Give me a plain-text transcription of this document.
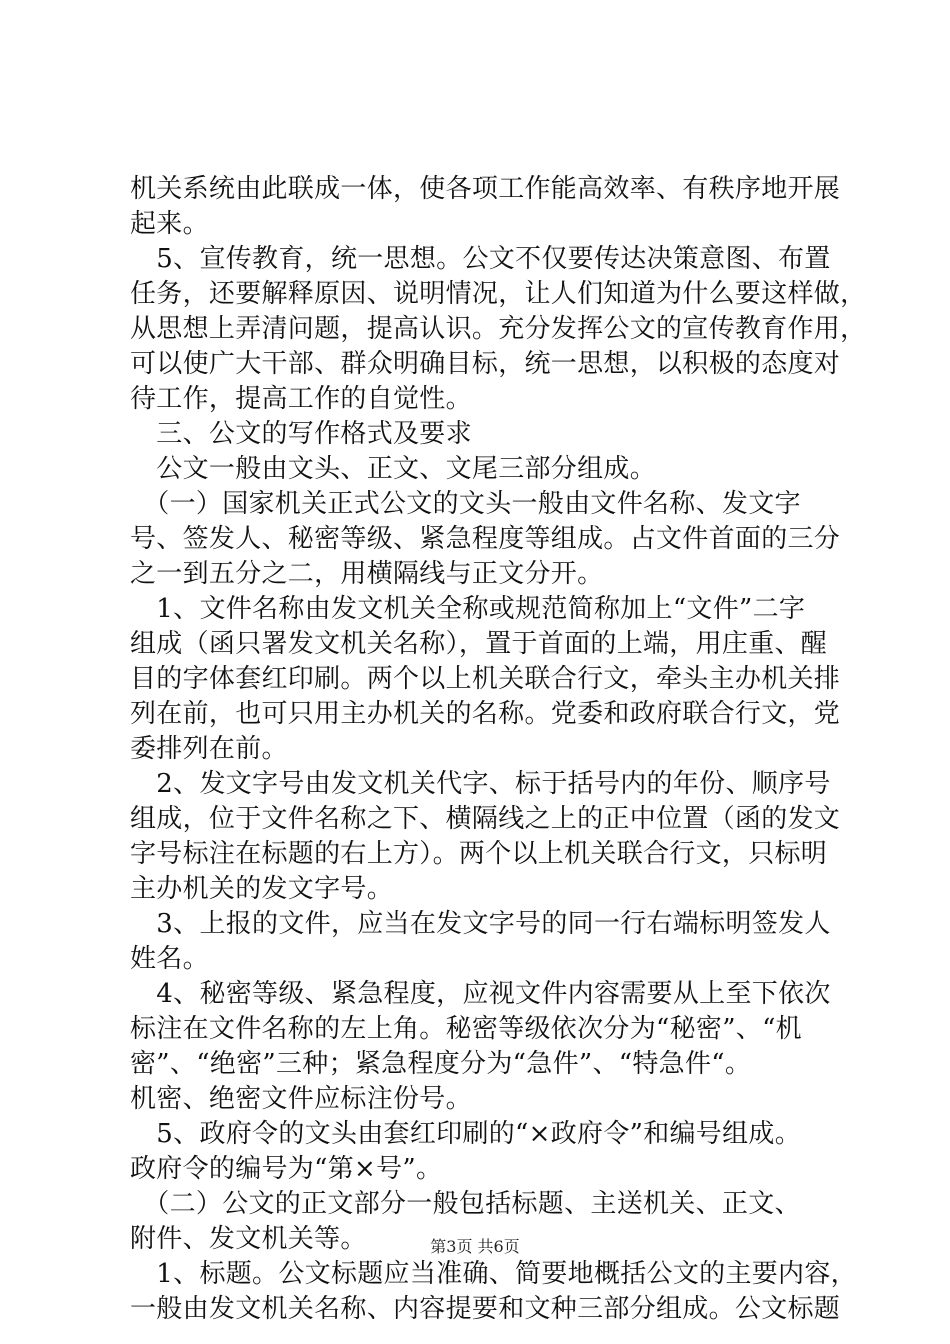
机关系统由此联成一体，使各项工作能高效率、有秩序地开展
起来。
　5、宣传教育，统一思想。公文不仅要传达决策意图、布置
任务，还要解释原因、说明情况，让人们知道为什么要这样做，
从思想上弄清问题，提高认识。充分发挥公文的宣传教育作用，
可以使广大干部、群众明确目标，统一思想，以积极的态度对
待工作，提高工作的自觉性。
　三、公文的写作格式及要求
　公文一般由文头、正文、文尾三部分组成。
　（一）国家机关正式公文的文头一般由文件名称、发文字
号、签发人、秘密等级、紧急程度等组成。占文件首面的三分
之一到五分之二，用横隔线与正文分开。
　1、文件名称由发文机关全称或规范简称加上“文件”二字
组成（函只署发文机关名称），置于首面的上端，用庄重、醒
目的字体套红印刷。两个以上机关联合行文，牵头主办机关排
列在前，也可只用主办机关的名称。党委和政府联合行文，党
委排列在前。
　2、发文字号由发文机关代字、标于括号内的年份、顺序号
组成，位于文件名称之下、横隔线之上的正中位置（函的发文
字号标注在标题的右上方）。两个以上机关联合行文，只标明
主办机关的发文字号。
　3、上报的文件，应当在发文字号的同一行右端标明签发人
姓名。
　4、秘密等级、紧急程度，应视文件内容需要从上至下依次
标注在文件名称的左上角。秘密等级依次分为“秘密”、“机
密”、“绝密”三种；紧急程度分为“急件”、“特急件“。
机密、绝密文件应标注份号。
　5、政府令的文头由套红印刷的“×政府令”和编号组成。
政府令的编号为“第×号”。
　（二）公文的正文部分一般包括标题、主送机关、正文、
附件、发文机关等。
　1、标题。公文标题应当准确、简要地概括公文的主要内容，
一般由发文机关名称、内容提要和文种三部分组成。公文标题
第3页 共6页
